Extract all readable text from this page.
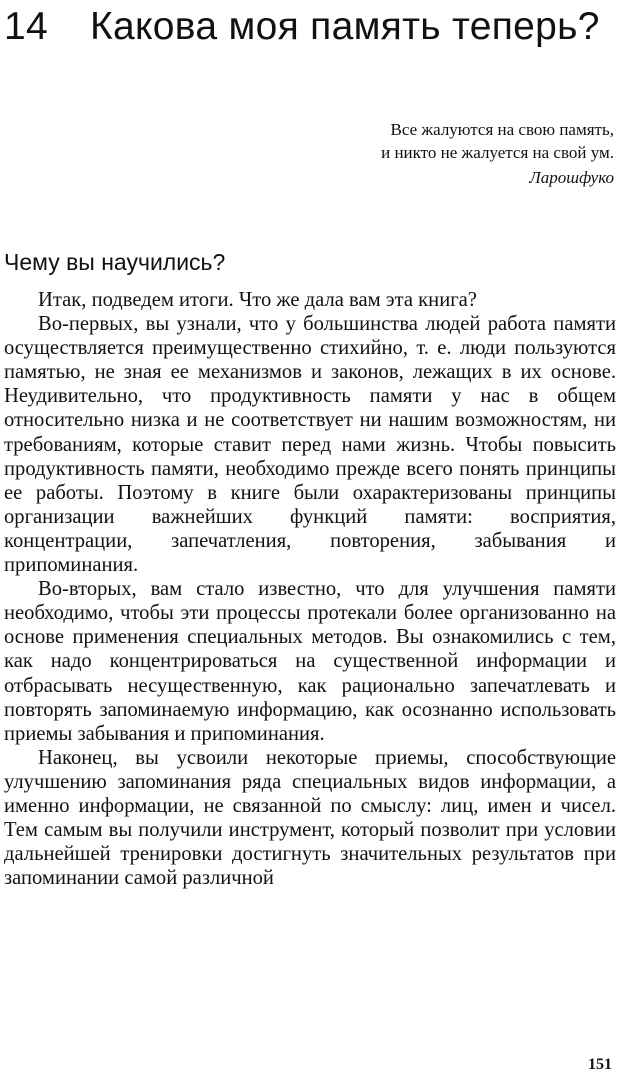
14	Какова моя память теперь?
Все жалуются на свою память,
и никто не жалуется на свой ум.
Ларошфуко
Чему вы научились?

Итак, подведем итоги. Что же дала вам эта книга?

Во-первых, вы узнали, что у большинства людей работа памяти осуществляется преимущественно стихийно, т. е. люди пользуются памятью, не зная ее механизмов и законов, лежащих в их основе. Неудивительно, что продуктивность памяти у нас в общем относительно низка и не соответствует ни нашим возможностям, ни требованиям, которые ставит перед нами жизнь. Чтобы повысить продуктивность памяти, необходимо прежде всего понять принципы ее работы. Поэтому в книге были охарактеризованы принципы организации важнейших функций памяти: восприятия, концентрации, запечатления, повторения, забывания и припоминания.

Во-вторых, вам стало известно, что для улучшения памяти необходимо, чтобы эти процессы протекали более организованно на основе применения специальных методов. Вы ознакомились с тем, как надо концентрироваться на существенной информации и отбрасывать несущественную, как рационально запечатлевать и повторять запоминаемую информацию, как осознанно использовать приемы забывания и припоминания.

Наконец, вы усвоили некоторые приемы, способствующие улучшению запоминания ряда специальных видов информации, а именно информации, не связанной по смыслу: лиц, имен и чисел. Тем самым вы получили инструмент, который позволит при условии дальнейшей тренировки достигнуть значительных результатов при запоминании самой различной

151
